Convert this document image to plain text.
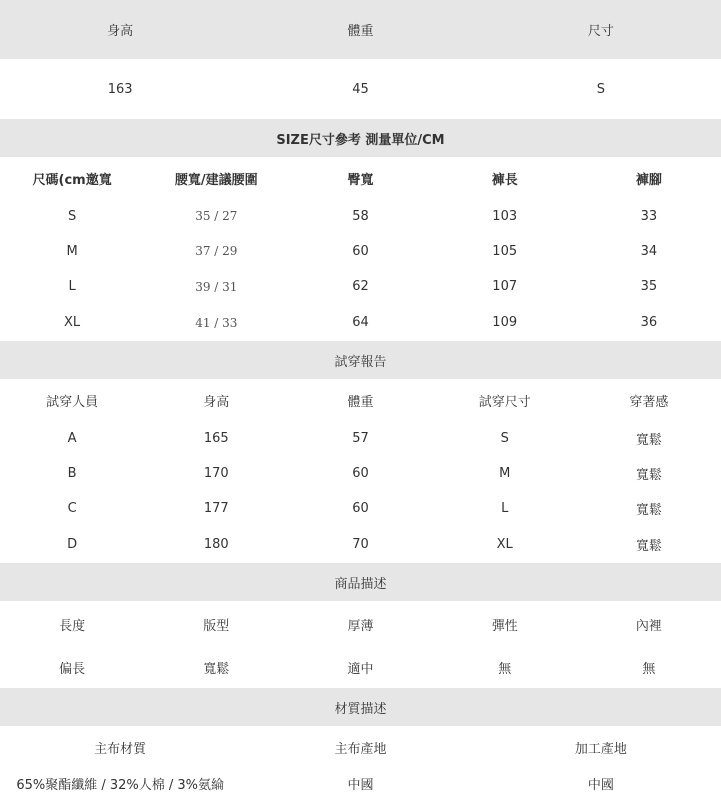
身高	體重	尺寸
163	45	S
SIZE尺寸參考 測量單位/CM
尺碼(cm邀寬	腰寬/建議腰圍	臀寬	褲長	褲腳
S	35 / 27	58	103	33
M	37 / 29	60	105	34
L	39 / 31	62	107	35
XL	41 / 33	64	109	36
試穿報告
試穿人員	身高	體重	試穿尺寸	穿著感
A	165	57	S	寬鬆
B	170	60	M	寬鬆
C	177	60	L	寬鬆
D	180	70	XL	寬鬆
商品描述
長度	版型	厚薄	彈性	內裡
偏長	寬鬆	適中	無	無
材質描述
主布材質	主布產地	加工產地
65%聚酯纖維 / 32%人棉 / 3%氨綸	中國	中國
